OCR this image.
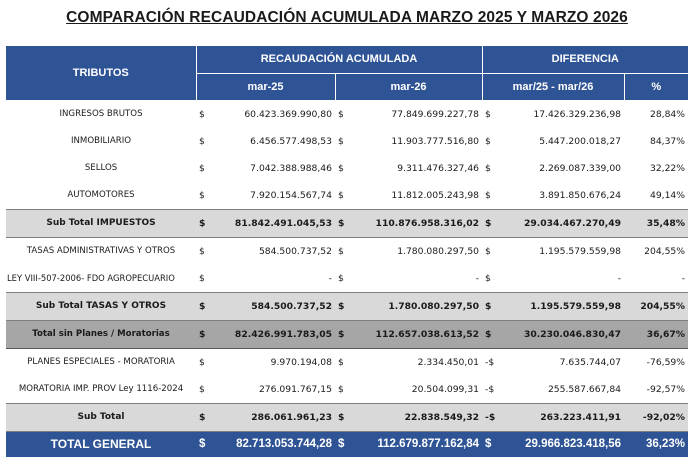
COMPARACIÓN RECAUDACIÓN ACUMULADA MARZO 2025 Y MARZO 2026
TRIBUTOS	RECAUDACIÓN ACUMULADA				DIFERENCIA		
	mar-25		mar-26		mar/25 - mar/26		%
INGRESOS BRUTOS	$	60.423.369.990,80	$	77.849.699.227,78	$	17.426.329.236,98	28,84%
INMOBILIARIO	$	6.456.577.498,53	$	11.903.777.516,80	$	5.447.200.018,27	84,37%
SELLOS	$	7.042.388.988,46	$	9.311.476.327,46	$	2.269.087.339,00	32,22%
AUTOMOTORES	$	7.920.154.567,74	$	11.812.005.243,98	$	3.891.850.676,24	49,14%
Sub Total IMPUESTOS	$	81.842.491.045,53	$	110.876.958.316,02	$	29.034.467.270,49	35,48%
TASAS ADMINISTRATIVAS Y OTROS	$	584.500.737,52	$	1.780.080.297,50	$	1.195.579.559,98	204,55%
LEY VIII-507-2006- FDO AGROPECUARIO	$	-	$	-	$	-	-
Sub Total TASAS Y OTROS	$	584.500.737,52	$	1.780.080.297,50	$	1.195.579.559,98	204,55%
Total sin Planes / Moratorias	$	82.426.991.783,05	$	112.657.038.613,52	$	30.230.046.830,47	36,67%
PLANES ESPECIALES - MORATORIA	$	9.970.194,08	$	2.334.450,01	-$	7.635.744,07	-76,59%
MORATORIA IMP. PROV Ley 1116-2024	$	276.091.767,15	$	20.504.099,31	-$	255.587.667,84	-92,57%
Sub Total	$	286.061.961,23	$	22.838.549,32	-$	263.223.411,91	-92,02%
TOTAL GENERAL	$	82.713.053.744,28	$	112.679.877.162,84	$	29.966.823.418,56	36,23%
